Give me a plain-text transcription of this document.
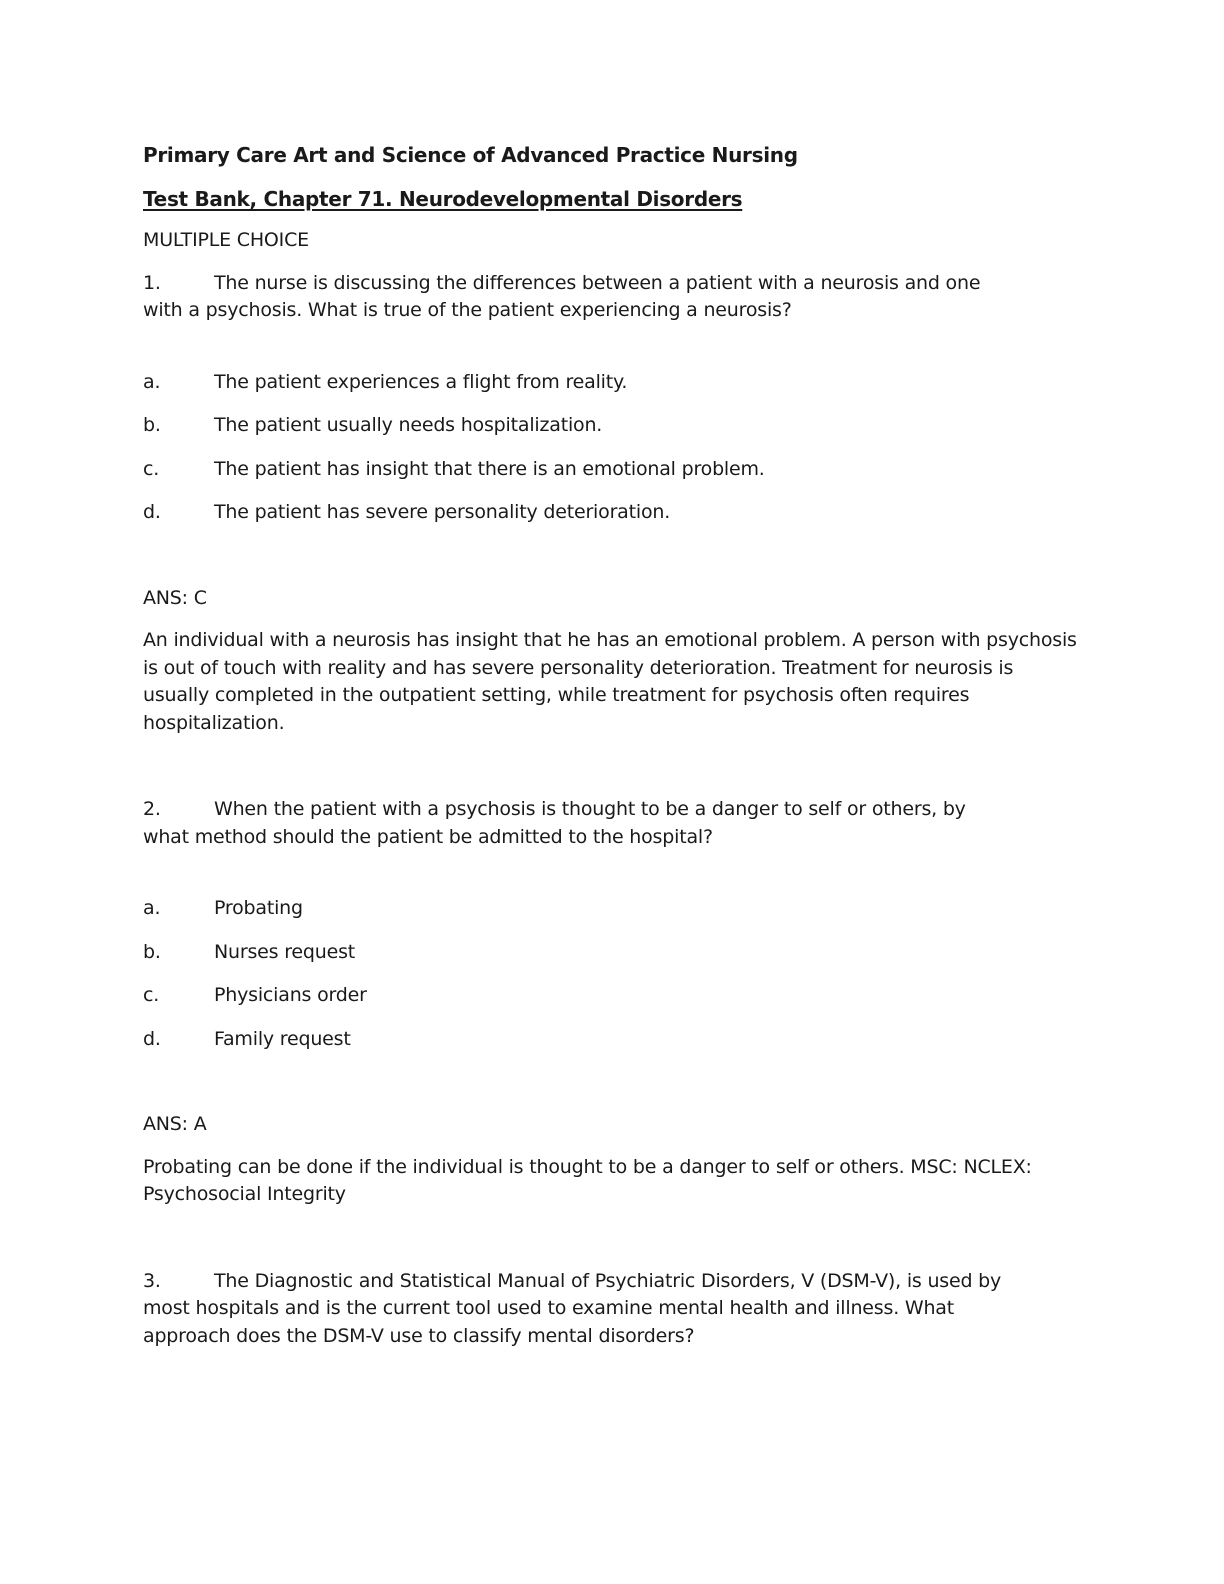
Primary Care Art and Science of Advanced Practice Nursing
Test Bank, Chapter 71. Neurodevelopmental Disorders
MULTIPLE CHOICE
1.	The nurse is discussing the differences between a patient with a neurosis and one
with a psychosis. What is true of the patient experiencing a neurosis?
a.	The patient experiences a flight from reality.
b.	The patient usually needs hospitalization.
c.	The patient has insight that there is an emotional problem.
d.	The patient has severe personality deterioration.
ANS: C
An individual with a neurosis has insight that he has an emotional problem. A person with psychosis is out of touch with reality and has severe personality deterioration. Treatment for neurosis is usually completed in the outpatient setting, while treatment for psychosis often requires hospitalization.
2.	When the patient with a psychosis is thought to be a danger to self or others, by
what method should the patient be admitted to the hospital?
a.	Probating
b.	Nurses request
c.	Physicians order
d.	Family request
ANS: A
Probating can be done if the individual is thought to be a danger to self or others. MSC: NCLEX: Psychosocial Integrity
3.	The Diagnostic and Statistical Manual of Psychiatric Disorders, V (DSM-V), is used by
most hospitals and is the current tool used to examine mental health and illness. What
approach does the DSM-V use to classify mental disorders?
